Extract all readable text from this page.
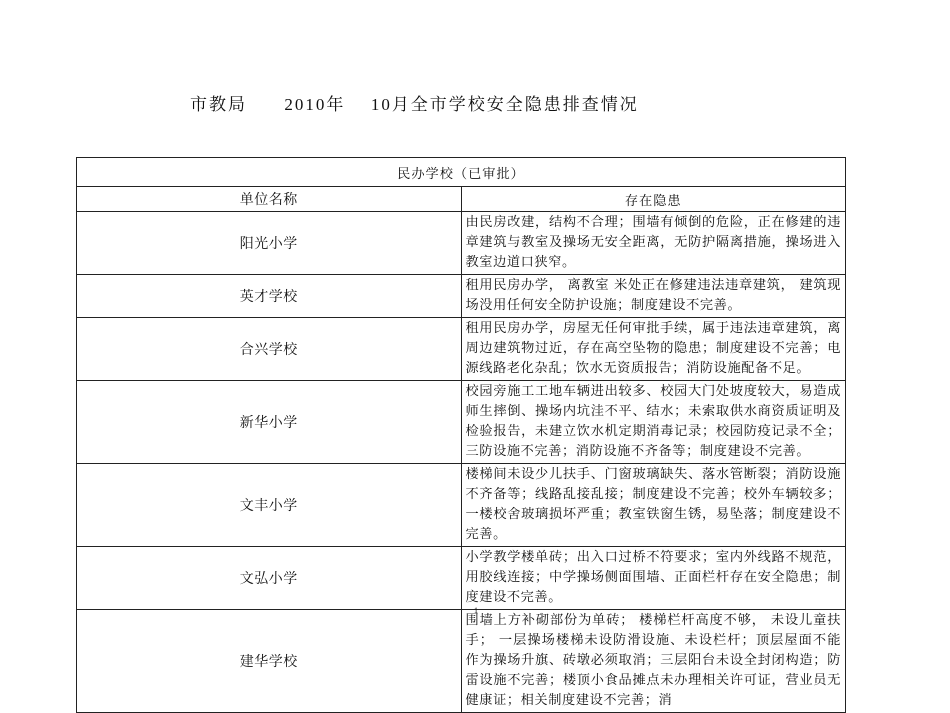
市教局 2010年 10月全市学校安全隐患排查情况
民办学校（已审批）	
单位名称	存在隐患
阳光小学	由民房改建，结构不合理；围墙有倾倒的危险，正在修建的违章建筑与教室及操场无安全距离，无防护隔离措施，操场进入教室边道口狭窄。
英才学校	租用民房办学， 离教室 米处正在修建违法违章建筑， 建筑现场没用任何安全防护设施；制度建设不完善。
合兴学校	租用民房办学，房屋无任何审批手续，属于违法违章建筑，离周边建筑物过近，存在高空坠物的隐患；制度建设不完善；电源线路老化杂乱；饮水无资质报告；消防设施配备不足。
新华小学	校园旁施工工地车辆进出较多、校园大门处坡度较大，易造成师生摔倒、操场内坑洼不平、结水；未索取供水商资质证明及检验报告，未建立饮水机定期消毒记录；校园防疫记录不全；三防设施不完善；消防设施不齐备等；制度建设不完善。
文丰小学	楼梯间未设少儿扶手、门窗玻璃缺失、落水管断裂；消防设施不齐备等；线路乱接乱接；制度建设不完善；校外车辆较多；一楼校舍玻璃损坏严重；教室铁窗生锈，易坠落；制度建设不完善。
文弘小学	小学教学楼单砖；出入口过桥不符要求；室内外线路不规范，用胶线连接；中学操场侧面围墙、正面栏杆存在安全隐患；制度建设不完善。
建华学校	围墙上方补砌部份为单砖； 楼梯栏杆高度不够， 未设儿童扶手； 一层操场楼梯未设防滑设施、未设栏杆；顶层屋面不能作为操场升旗、砖墩必须取消；三层阳台未设全封闭构造；防雷设施不完善；楼顶小食品摊点未办理相关许可证，营业员无健康证；相关制度建设不完善；消
1
